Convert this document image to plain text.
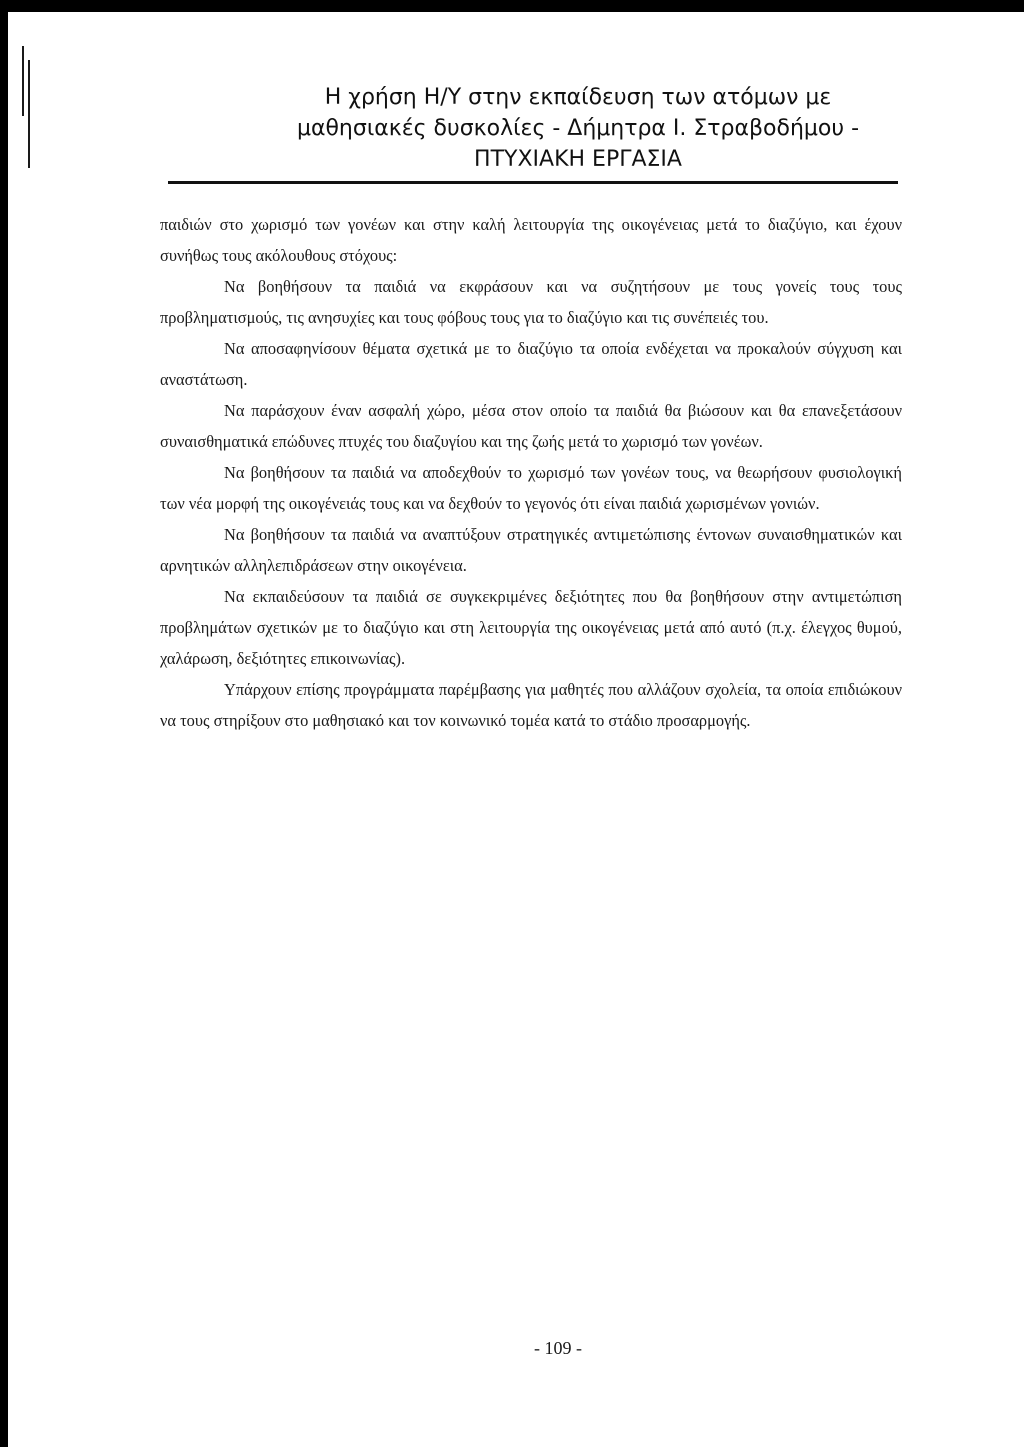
Η χρήση Η/Υ στην εκπαίδευση των ατόμων με
μαθησιακές δυσκολίες - Δήμητρα Ι. Στραβοδήμου -
ΠΤΥΧΙΑΚΗ ΕΡΓΑΣΙΑ

παιδιών στο χωρισμό των γονέων και στην καλή λειτουργία της οικογένειας μετά το διαζύγιο, και έχουν συνήθως τους ακόλουθους στόχους:

Να βοηθήσουν τα παιδιά να εκφράσουν και να συζητήσουν με τους γονείς τους τους προβληματισμούς, τις ανησυχίες και τους φόβους τους για το διαζύγιο και τις συνέπειές του.

Να αποσαφηνίσουν θέματα σχετικά με το διαζύγιο τα οποία ενδέχεται να προκαλούν σύγχυση και αναστάτωση.

Να παράσχουν έναν ασφαλή χώρο, μέσα στον οποίο τα παιδιά θα βιώσουν και θα επανεξετάσουν συναισθηματικά επώδυνες πτυχές του διαζυγίου και της ζωής μετά το χωρισμό των γονέων.

Να βοηθήσουν τα παιδιά να αποδεχθούν το χωρισμό των γονέων τους, να θεωρήσουν φυσιολογική των νέα μορφή της οικογένειάς τους και να δεχθούν το γεγονός ότι είναι παιδιά χωρισμένων γονιών.

Να βοηθήσουν τα παιδιά να αναπτύξουν στρατηγικές αντιμετώπισης έντονων συναισθηματικών και αρνητικών αλληλεπιδράσεων στην οικογένεια.

Να εκπαιδεύσουν τα παιδιά σε συγκεκριμένες δεξιότητες που θα βοηθήσουν στην αντιμετώπιση προβλημάτων σχετικών με το διαζύγιο και στη λειτουργία της οικογένειας μετά από αυτό (π.χ. έλεγχος θυμού, χαλάρωση, δεξιότητες επικοινωνίας).

Υπάρχουν επίσης προγράμματα παρέμβασης για μαθητές που αλλάζουν σχολεία, τα οποία επιδιώκουν να τους στηρίξουν στο μαθησιακό και τον κοινωνικό τομέα κατά το στάδιο προσαρμογής.

- 109 -
